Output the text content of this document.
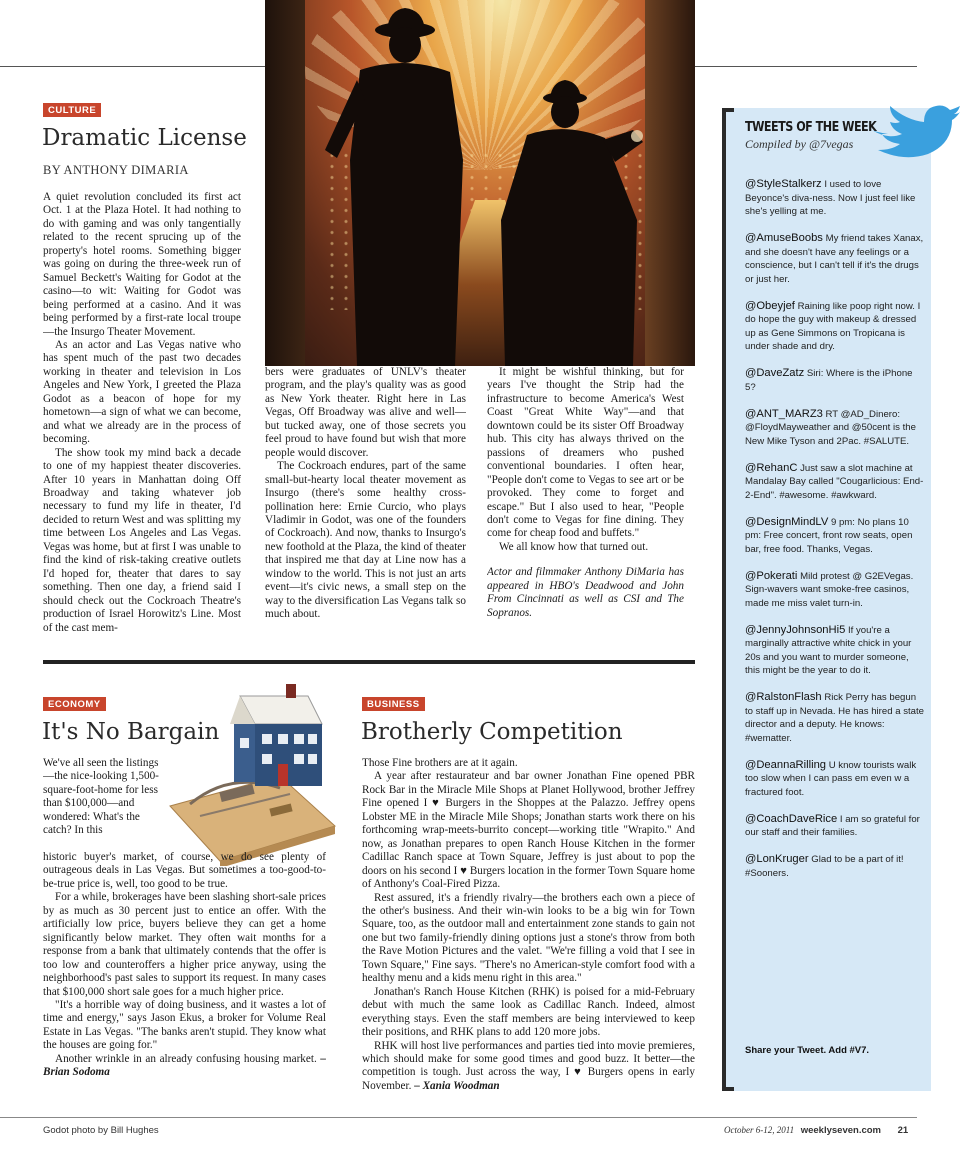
CULTURE
Dramatic License
BY ANTHONY DIMARIA

A quiet revolution concluded its first act Oct. 1 at the Plaza Hotel. It had nothing to do with gaming and was only tangentially related to the recent sprucing up of the property's hotel rooms. Something bigger was going on during the three-week run of Samuel Beckett's Waiting for Godot at the casino—to wit: Waiting for Godot was being performed at a casino. And it was being performed by a first-rate local troupe—the Insurgo Theater Movement.

As an actor and Las Vegas native who has spent much of the past two decades working in theater and television in Los Angeles and New York, I greeted the Plaza Godot as a beacon of hope for my hometown—a sign of what we can become, and what we already are in the process of becoming.

The show took my mind back a decade to one of my happiest theater discoveries. After 10 years in Manhattan doing Off Broadway and taking whatever job necessary to fund my life in theater, I'd decided to return West and was splitting my time between Los Angeles and Las Vegas. Vegas was home, but at first I was unable to find the kind of risk-taking creative outlets I'd hoped for, theater that dares to say something. Then one day, a friend said I should check out the Cockroach Theatre's production of Israel Horowitz's Line. Most of the cast mem-

bers were graduates of UNLV's theater program, and the play's quality was as good as New York theater. Right here in Las Vegas, Off Broadway was alive and well—but tucked away, one of those secrets you feel proud to have found but wish that more people would discover.

The Cockroach endures, part of the same small-but-hearty local theater movement as Insurgo (there's some healthy cross-pollination here: Ernie Curcio, who plays Vladimir in Godot, was one of the founders of Cockroach). And now, thanks to Insurgo's new foothold at the Plaza, the kind of theater that inspired me that day at Line now has a window to the world. This is not just an arts event—it's civic news, a small step on the way to the diversification Las Vegans talk so much about.

It might be wishful thinking, but for years I've thought the Strip had the infrastructure to become America's West Coast "Great White Way"—and that downtown could be its sister Off Broadway hub. This city has always thrived on the passions of dreamers who pushed conventional boundaries. I often hear, "People don't come to Vegas to see art or be provoked. They come to forget and escape." But I also used to hear, "People don't come to Vegas for fine dining. They come for cheap food and buffets."

We all know how that turned out.

Actor and filmmaker Anthony DiMaria has appeared in HBO's Deadwood and John From Cincinnati as well as CSI and The Sopranos.

ECONOMY
It's No Bargain

We've all seen the listings—the nice-looking 1,500-square-foot-home for less than $100,000—and wondered: What's the catch? In this

historic buyer's market, of course, we do see plenty of outrageous deals in Las Vegas. But sometimes a too-good-to-be-true price is, well, too good to be true.

For a while, brokerages have been slashing short-sale prices by as much as 30 percent just to entice an offer. With the artificially low price, buyers believe they can get a home significantly below market. They often wait months for a response from a bank that ultimately contends that the offer is too low and counteroffers a higher price anyway, using the neighborhood's past sales to support its request. In many cases that $100,000 short sale goes for a much higher price.

"It's a horrible way of doing business, and it wastes a lot of time and energy," says Jason Ekus, a broker for Volume Real Estate in Las Vegas. "The banks aren't stupid. They know what the houses are going for."

Another wrinkle in an already confusing housing market. – Brian Sodoma

BUSINESS
Brotherly Competition

Those Fine brothers are at it again.

A year after restaurateur and bar owner Jonathan Fine opened PBR Rock Bar in the Miracle Mile Shops at Planet Hollywood, brother Jeffrey Fine opened I ♥ Burgers in the Shoppes at the Palazzo. Jeffrey opens Lobster ME in the Miracle Mile Shops; Jonathan starts work there on his forthcoming wrap-meets-burrito concept—working title "Wrapito." And now, as Jonathan prepares to open Ranch House Kitchen in the former Cadillac Ranch space at Town Square, Jeffrey is just about to pop the doors on his second I ♥ Burgers location in the former Town Square home of Anthony's Coal-Fired Pizza.

Rest assured, it's a friendly rivalry—the brothers each own a piece of the other's business. And their win-win looks to be a big win for Town Square, too, as the outdoor mall and entertainment zone stands to gain not one but two family-friendly dining options just a stone's throw from both the Rave Motion Pictures and the valet. "We're filling a void that I see in Town Square," Fine says. "There's no American-style comfort food with a healthy menu and a kids menu right in this area."

Jonathan's Ranch House Kitchen (RHK) is poised for a mid-February debut with much the same look as Cadillac Ranch. Indeed, almost everything stays. Even the staff members are being interviewed to keep their positions, and RHK plans to add 120 more jobs.

RHK will host live performances and parties tied into movie premieres, which should make for some good times and good buzz. It better—the competition is tough. Just across the way, I ♥ Burgers opens in early November. – Xania Woodman

TWEETS OF THE WEEK
Compiled by @7vegas
@StyleStalkerz I used to love Beyonce's diva-ness. Now I just feel like she's yelling at me.
@AmuseBoobs My friend takes Xanax, and she doesn't have any feelings or a conscience, but I can't tell if it's the drugs or just her.
@Obeyjef Raining like poop right now. I do hope the guy with makeup & dressed up as Gene Simmons on Tropicana is under shade and dry.
@DaveZatz Siri: Where is the iPhone 5?
@ANT_MARZ3 RT @AD_Dinero: @FloydMayweather and @50cent is the New Mike Tyson and 2Pac. #SALUTE.
@RehanC Just saw a slot machine at Mandalay Bay called "Cougarlicious: End-2-End". #awesome. #awkward.
@DesignMindLV 9 pm: No plans 10 pm: Free concert, front row seats, open bar, free food. Thanks, Vegas.
@Pokerati Mild protest @ G2EVegas. Sign-wavers want smoke-free casinos, made me miss valet turn-in.
@JennyJohnsonHi5 If you're a marginally attractive white chick in your 20s and you want to murder someone, this might be the year to do it.
@RalstonFlash Rick Perry has begun to staff up in Nevada. He has hired a state director and a deputy. He knows: #wematter.
@DeannaRilling U know tourists walk too slow when I can pass em even w a fractured foot.
@CoachDaveRice I am so grateful for our staff and their families.
@LonKruger Glad to be a part of it! #Sooners.
Share your Tweet. Add #V7.
Godot photo by Bill Hughes	October 6-12, 2011 weeklyseven.com 21
